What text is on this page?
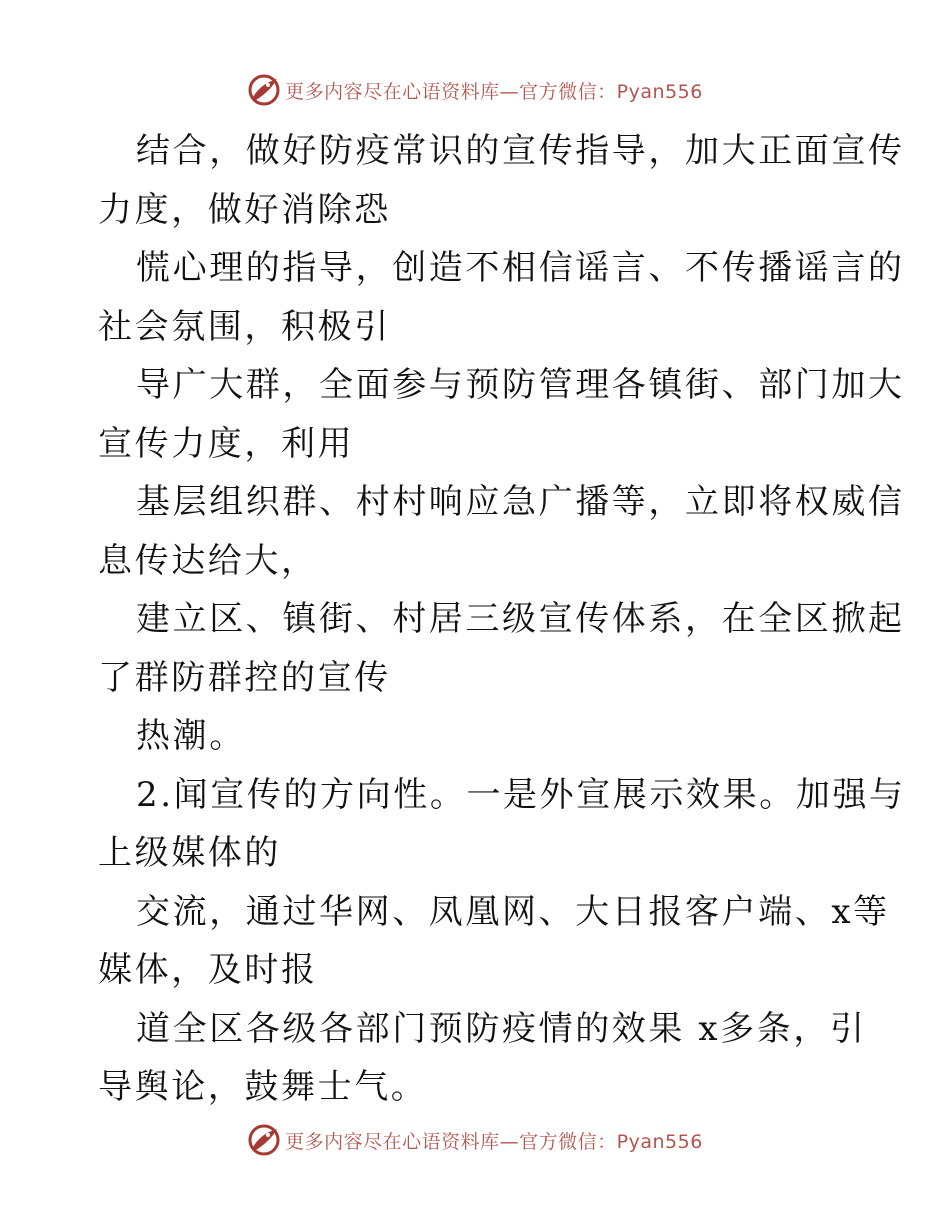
更多内容尽在心语资料库—官方微信：Pyan556
结合，做好防疫常识的宣传指导，加大正面宣传
力度，做好消除恐
慌心理的指导，创造不相信谣言、不传播谣言的
社会氛围，积极引
导广大群，全面参与预防管理各镇街、部门加大
宣传力度，利用
基层组织群、村村响应急广播等，立即将权威信
息传达给大，
建立区、镇街、村居三级宣传体系，在全区掀起
了群防群控的宣传
热潮。
2.闻宣传的方向性。一是外宣展示效果。加强与
上级媒体的
交流，通过华网、凤凰网、大日报客户端、x等
媒体，及时报
道全区各级各部门预防疫情的效果 x多条，引
导舆论，鼓舞士气。
更多内容尽在心语资料库—官方微信：Pyan556
